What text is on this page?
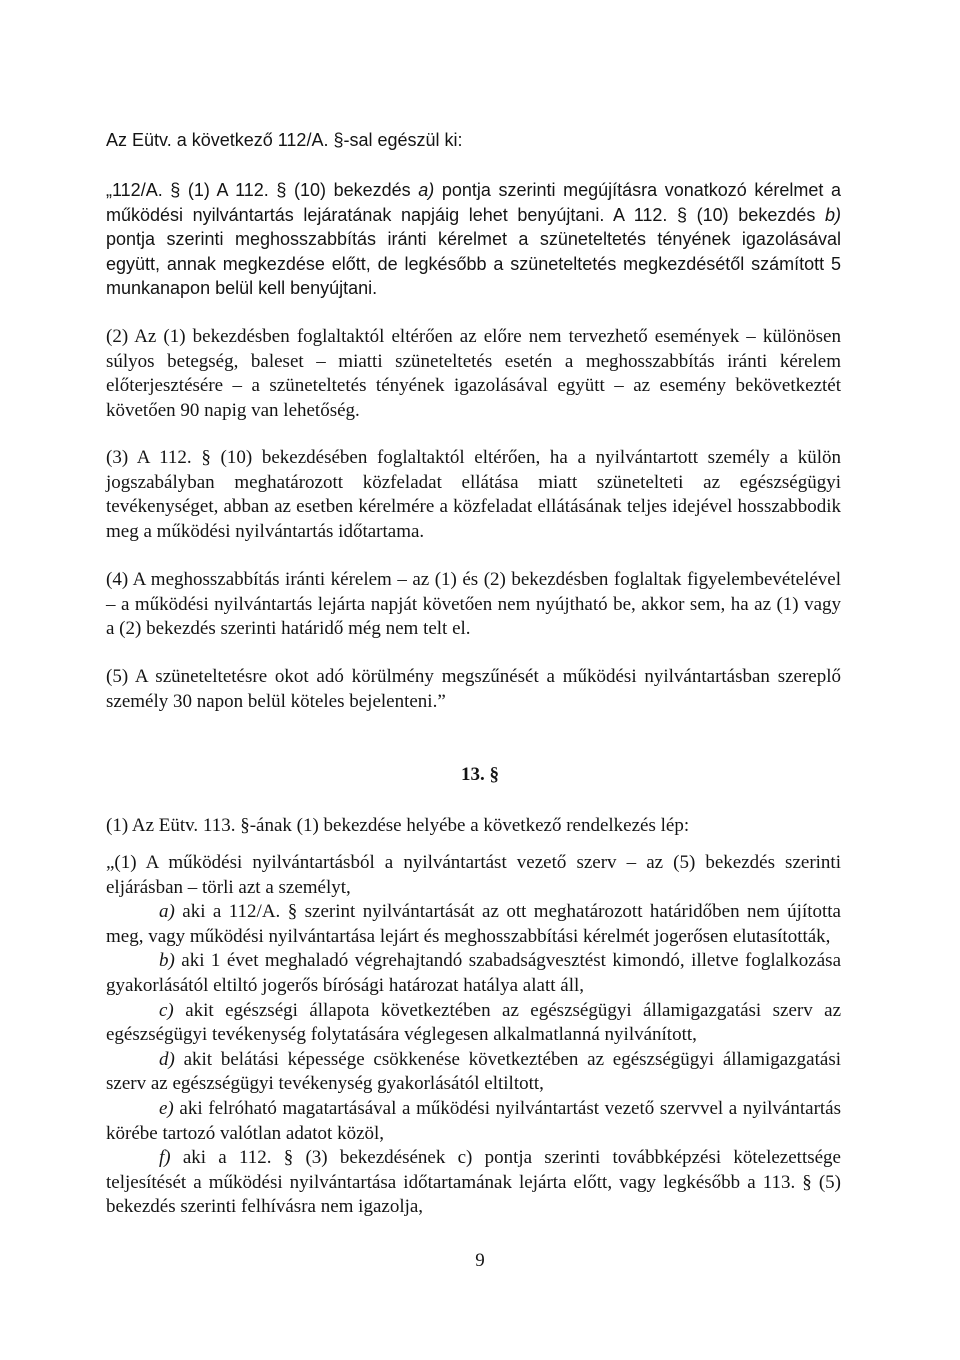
Az Eütv. a következő 112/A. §-sal egészül ki:

„112/A. § (1) A 112. § (10) bekezdés a) pontja szerinti megújításra vonatkozó kérelmet a működési nyilvántartás lejáratának napjáig lehet benyújtani. A 112. § (10) bekezdés b) pontja szerinti meghosszabbítás iránti kérelmet a szüneteltetés tényének igazolásával együtt, annak megkezdése előtt, de legkésőbb a szüneteltetés megkezdésétől számított 5 munkanapon belül kell benyújtani.

(2) Az (1) bekezdésben foglaltaktól eltérően az előre nem tervezhető események – különösen súlyos betegség, baleset – miatti szüneteltetés esetén a meghosszabbítás iránti kérelem előterjesztésére – a szüneteltetés tényének igazolásával együtt – az esemény bekövetkeztét követően 90 napig van lehetőség.

(3) A 112. § (10) bekezdésében foglaltaktól eltérően, ha a nyilvántartott személy a külön jogszabályban meghatározott közfeladat ellátása miatt szünetelteti az egészségügyi tevékenységet, abban az esetben kérelmére a közfeladat ellátásának teljes idejével hosszabbodik meg a működési nyilvántartás időtartama.

(4) A meghosszabbítás iránti kérelem – az (1) és (2) bekezdésben foglaltak figyelembevételével – a működési nyilvántartás lejárta napját követően nem nyújtható be, akkor sem, ha az (1) vagy a (2) bekezdés szerinti határidő még nem telt el.

(5) A szüneteltetésre okot adó körülmény megszűnését a működési nyilvántartásban szereplő személy 30 napon belül köteles bejelenteni.”

13. §

(1) Az Eütv. 113. §-ának (1) bekezdése helyébe a következő rendelkezés lép:

„(1) A működési nyilvántartásból a nyilvántartást vezető szerv – az (5) bekezdés szerinti eljárásban – törli azt a személyt,

a) aki a 112/A. § szerint nyilvántartását az ott meghatározott határidőben nem újította meg, vagy működési nyilvántartása lejárt és meghosszabbítási kérelmét jogerősen elutasították,

b) aki 1 évet meghaladó végrehajtandó szabadságvesztést kimondó, illetve foglalkozása gyakorlásától eltiltó jogerős bírósági határozat hatálya alatt áll,

c) akit egészségi állapota következtében az egészségügyi államigazgatási szerv az egészségügyi tevékenység folytatására véglegesen alkalmatlanná nyilvánított,

d) akit belátási képessége csökkenése következtében az egészségügyi államigazgatási szerv az egészségügyi tevékenység gyakorlásától eltiltott,

e) aki felróható magatartásával a működési nyilvántartást vezető szervvel a nyilvántartás körébe tartozó valótlan adatot közöl,

f) aki a 112. § (3) bekezdésének c) pontja szerinti továbbképzési kötelezettsége teljesítését a működési nyilvántartása időtartamának lejárta előtt, vagy legkésőbb a 113. § (5) bekezdés szerinti felhívásra nem igazolja,

9
